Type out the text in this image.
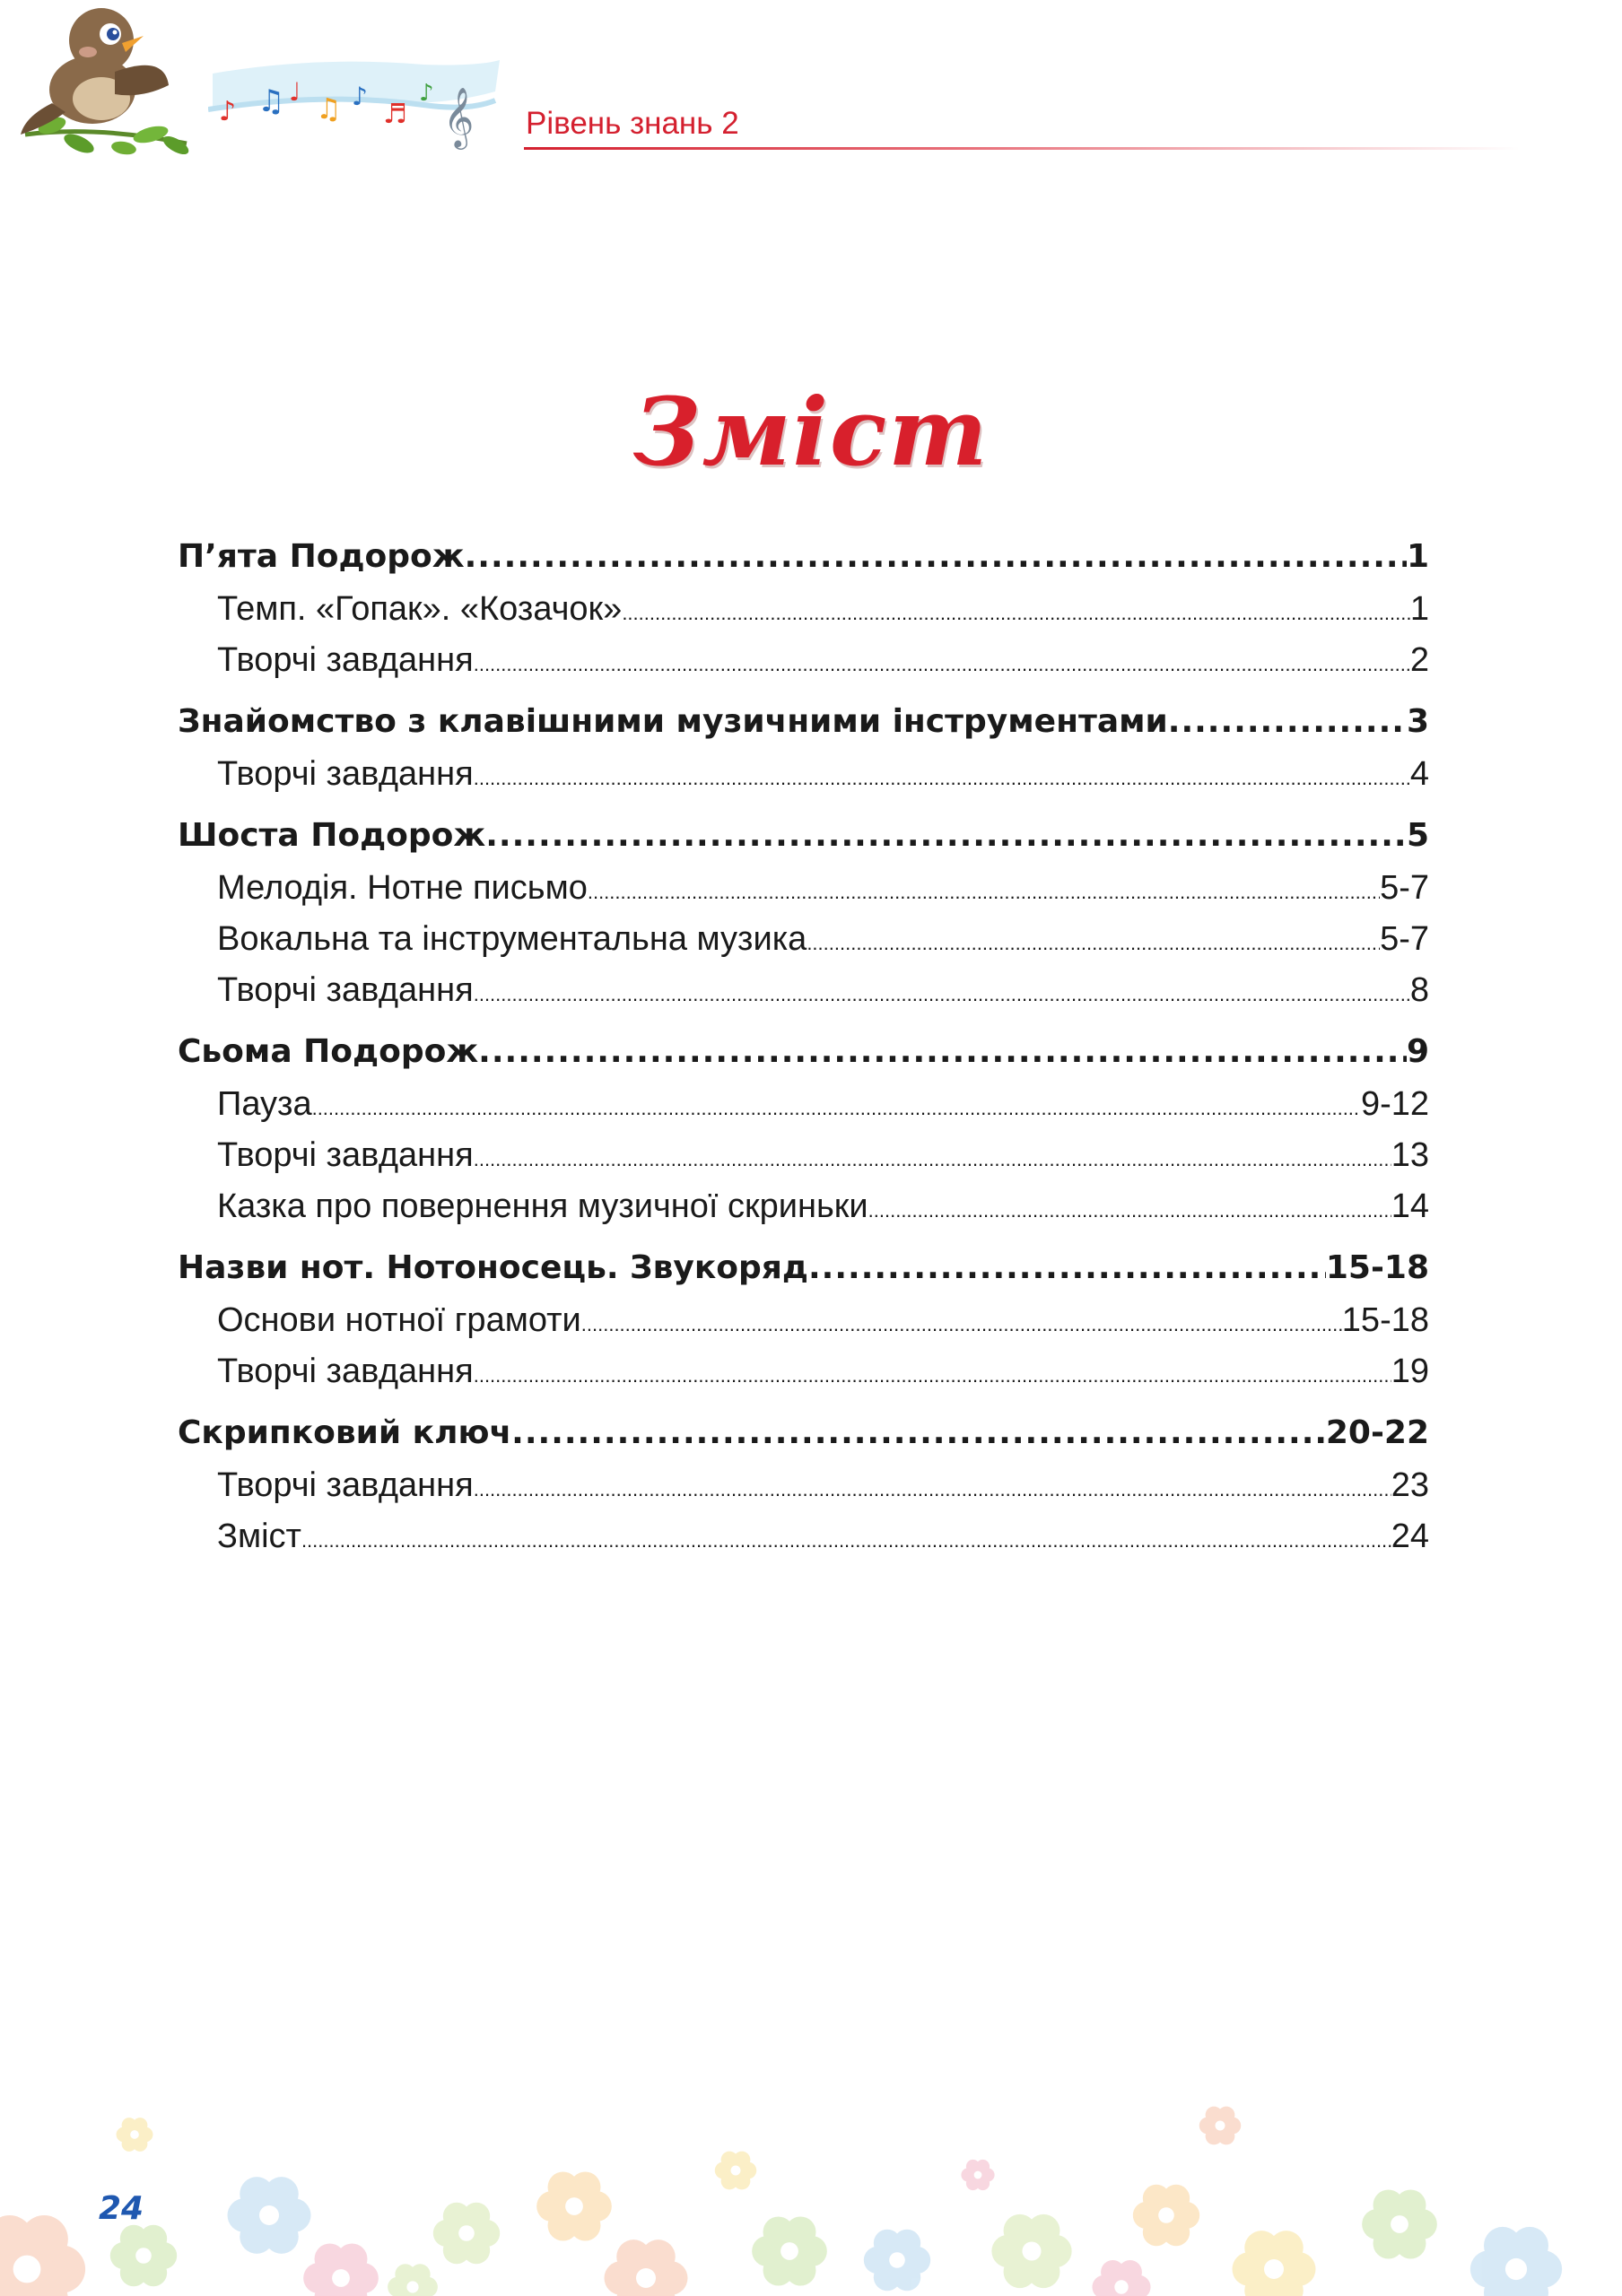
♪ ♫ ♩ ♫ ♪
♬
♪ 𝄞 Рівень знань 2
Зміст
П’ята Подорож .....	1
Темп. «Гопак». «Козачок» .....	1
Творчі завдання .....	2
Знайомство з клавішними музичними інструментами .....	3
Творчі завдання .....	4
Шоста Подорож .....	5
Мелодія. Нотне письмо .....	5-7
Вокальна та інструментальна музика .....	5-7
Творчі завдання .....	8
Сьома Подорож .....	9
Пауза .....	9-12
Творчі завдання .....	13
Казка про повернення музичної скриньки .....	14
Назви нот. Нотоносець. Звукоряд .....	15-18
Основи нотної грамоти .....	15-18
Творчі завдання .....	19
Скрипковий ключ .....	20-22
Творчі завдання .....	23
Зміст .....	24
24
